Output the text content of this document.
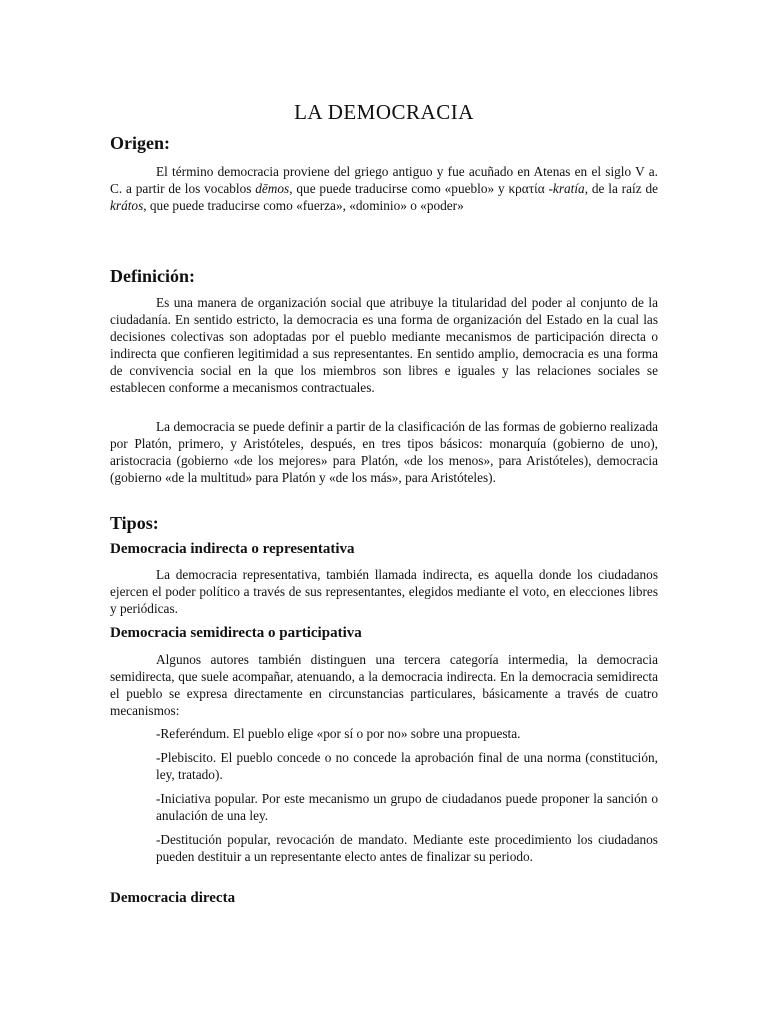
LA DEMOCRACIA
Origen:
El término democracia proviene del griego antiguo y fue acuñado en Atenas en el siglo V a. C. a partir de los vocablos dēmos, que puede traducirse como «pueblo» y κρατία -kratía, de la raíz de krátos, que puede traducirse como «fuerza», «dominio» o «poder»
Definición:
Es una manera de organización social que atribuye la titularidad del poder al conjunto de la ciudadanía. En sentido estricto, la democracia es una forma de organización del Estado en la cual las decisiones colectivas son adoptadas por el pueblo mediante mecanismos de participación directa o indirecta que confieren legitimidad a sus representantes. En sentido amplio, democracia es una forma de convivencia social en la que los miembros son libres e iguales y las relaciones sociales se establecen conforme a mecanismos contractuales.
La democracia se puede definir a partir de la clasificación de las formas de gobierno realizada por Platón, primero, y Aristóteles, después, en tres tipos básicos: monarquía (gobierno de uno), aristocracia (gobierno «de los mejores» para Platón, «de los menos», para Aristóteles), democracia (gobierno «de la multitud» para Platón y «de los más», para Aristóteles).
Tipos:
Democracia indirecta o representativa
La democracia representativa, también llamada indirecta, es aquella donde los ciudadanos ejercen el poder político a través de sus representantes, elegidos mediante el voto, en elecciones libres y periódicas.
Democracia semidirecta o participativa
Algunos autores también distinguen una tercera categoría intermedia, la democracia semidirecta, que suele acompañar, atenuando, a la democracia indirecta. En la democracia semidirecta el pueblo se expresa directamente en circunstancias particulares, básicamente a través de cuatro mecanismos:
-Referéndum. El pueblo elige «por sí o por no» sobre una propuesta.
-Plebiscito. El pueblo concede o no concede la aprobación final de una norma (constitución, ley, tratado).
-Iniciativa popular. Por este mecanismo un grupo de ciudadanos puede proponer la sanción o anulación de una ley.
-Destitución popular, revocación de mandato. Mediante este procedimiento los ciudadanos pueden destituir a un representante electo antes de finalizar su periodo.
Democracia directa
